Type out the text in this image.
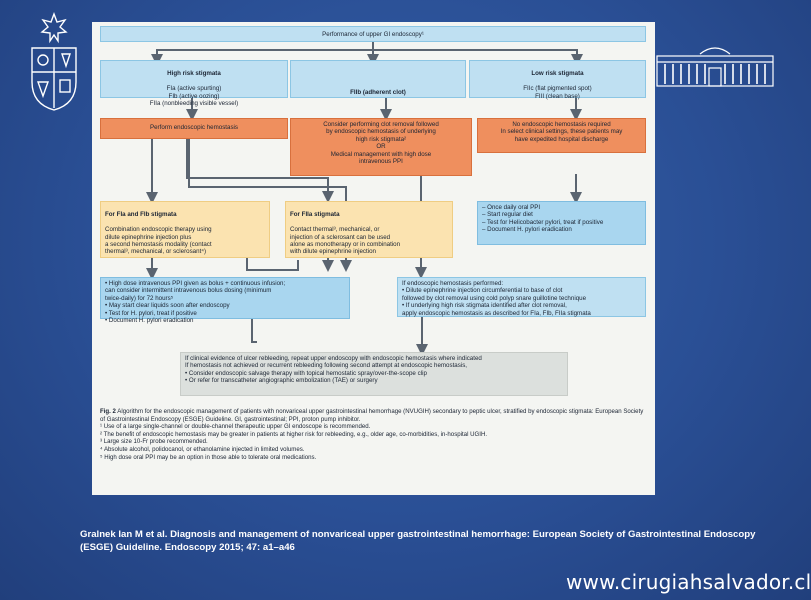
Performance of upper GI endoscopy¹

High risk stigmata

FIa (active spurting)
FIb (active oozing)
FIIa (nonbleeding visible vessel)

FIIb (adherent clot)

Low risk stigmata

FIIc (flat pigmented spot)
FIII (clean base)

Perform endoscopic hemostasis	Consider performing clot removal followed
by endoscopic hemostasis of underlying
high risk stigmata²
OR
Medical management with high dose
intravenous PPI
No endoscopic hemostasis required
In select clinical settings, these patients may
have expedited hospital discharge

For FIa and FIb stigmata

Combination endoscopic therapy using
dilute epinephrine injection plus
a second hemostasis modality (contact
thermal³, mechanical, or sclerosant⁴)

For FIIa stigmata

Contact thermal³, mechanical, or
injection of a sclerosant can be used
alone as monotherapy or in combination
with dilute epinephrine injection

– Once daily oral PPI
– Start regular diet
– Test for Helicobacter pylori, treat if positive
– Document H. pylori eradication
• High dose intravenous PPI given as bolus + continuous infusion;
can consider intermittent intravenous bolus dosing (minimum
twice-daily) for 72 hours⁵
• May start clear liquids soon after endoscopy
• Test for H. pylori, treat if positive
• Document H. pylori eradication
If endoscopic hemostasis performed:
• Dilute epinephrine injection circumferential to base of clot
followed by clot removal using cold polyp snare guillotine technique
• If underlying high risk stigmata identified after clot removal,
apply endoscopic hemostasis as described for FIa, FIb, FIIa stigmata
If clinical evidence of ulcer rebleeding, repeat upper endoscopy with endoscopic hemostasis where indicated
If hemostasis not achieved or recurrent rebleeding following second attempt at endoscopic hemostasis,
• Consider endoscopic salvage therapy with topical hemostatic spray/over-the-scope clip
• Or refer for transcatheter angiographic embolization (TAE) or surgery
Fig. 2 Algorithm for the endoscopic management of patients with nonvariceal upper gastrointestinal hemorrhage (NVUGIH) secondary to peptic ulcer, stratified by endoscopic stigmata: European Society of Gastrointestinal Endoscopy (ESGE) Guideline. GI, gastrointestinal; PPI, proton pump inhibitor.
¹ Use of a large single-channel or double-channel therapeutic upper GI endoscope is recommended.
² The benefit of endoscopic hemostasis may be greater in patients at higher risk for rebleeding, e.g., older age, co-morbidities, in-hospital UGIH.
³ Large size 10-Fr probe recommended.
⁴ Absolute alcohol, polidocanol, or ethanolamine injected in limited volumes.
⁵ High dose oral PPI may be an option in those able to tolerate oral medications.
Gralnek Ian M et al. Diagnosis and management of nonvariceal upper gastrointestinal hemorrhage: European Society of Gastrointestinal Endoscopy (ESGE) Guideline. Endoscopy 2015; 47: a1–a46
www.cirugiahsalvador.cl
